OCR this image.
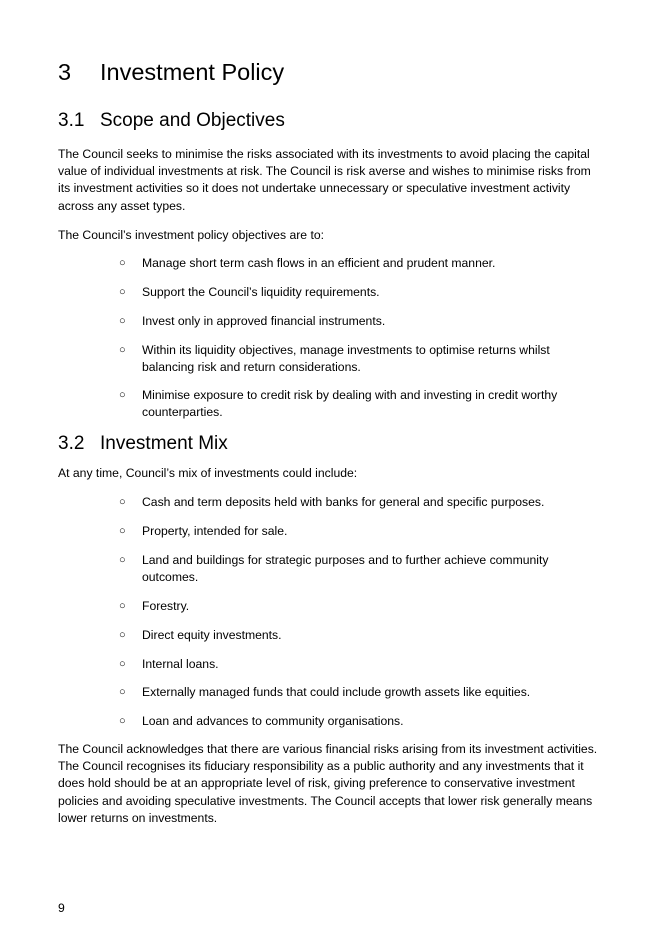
3 Investment Policy
3.1 Scope and Objectives

The Council seeks to minimise the risks associated with its investments to avoid placing the capital value of individual investments at risk. The Council is risk averse and wishes to minimise risks from its investment activities so it does not undertake unnecessary or speculative investment activity across any asset types.

The Council’s investment policy objectives are to:

○ Manage short term cash flows in an efficient and prudent manner.
○ Support the Council’s liquidity requirements.
○ Invest only in approved financial instruments.
○ Within its liquidity objectives, manage investments to optimise returns whilst balancing risk and return considerations.
○ Minimise exposure to credit risk by dealing with and investing in credit worthy counterparties.
3.2 Investment Mix

At any time, Council’s mix of investments could include:

○ Cash and term deposits held with banks for general and specific purposes.
○ Property, intended for sale.
○ Land and buildings for strategic purposes and to further achieve community outcomes.
○ Forestry.
○ Direct equity investments.
○ Internal loans.
○ Externally managed funds that could include growth assets like equities.
○ Loan and advances to community organisations.

The Council acknowledges that there are various financial risks arising from its investment activities. The Council recognises its fiduciary responsibility as a public authority and any investments that it does hold should be at an appropriate level of risk, giving preference to conservative investment policies and avoiding speculative investments. The Council accepts that lower risk generally means lower returns on investments.

9
